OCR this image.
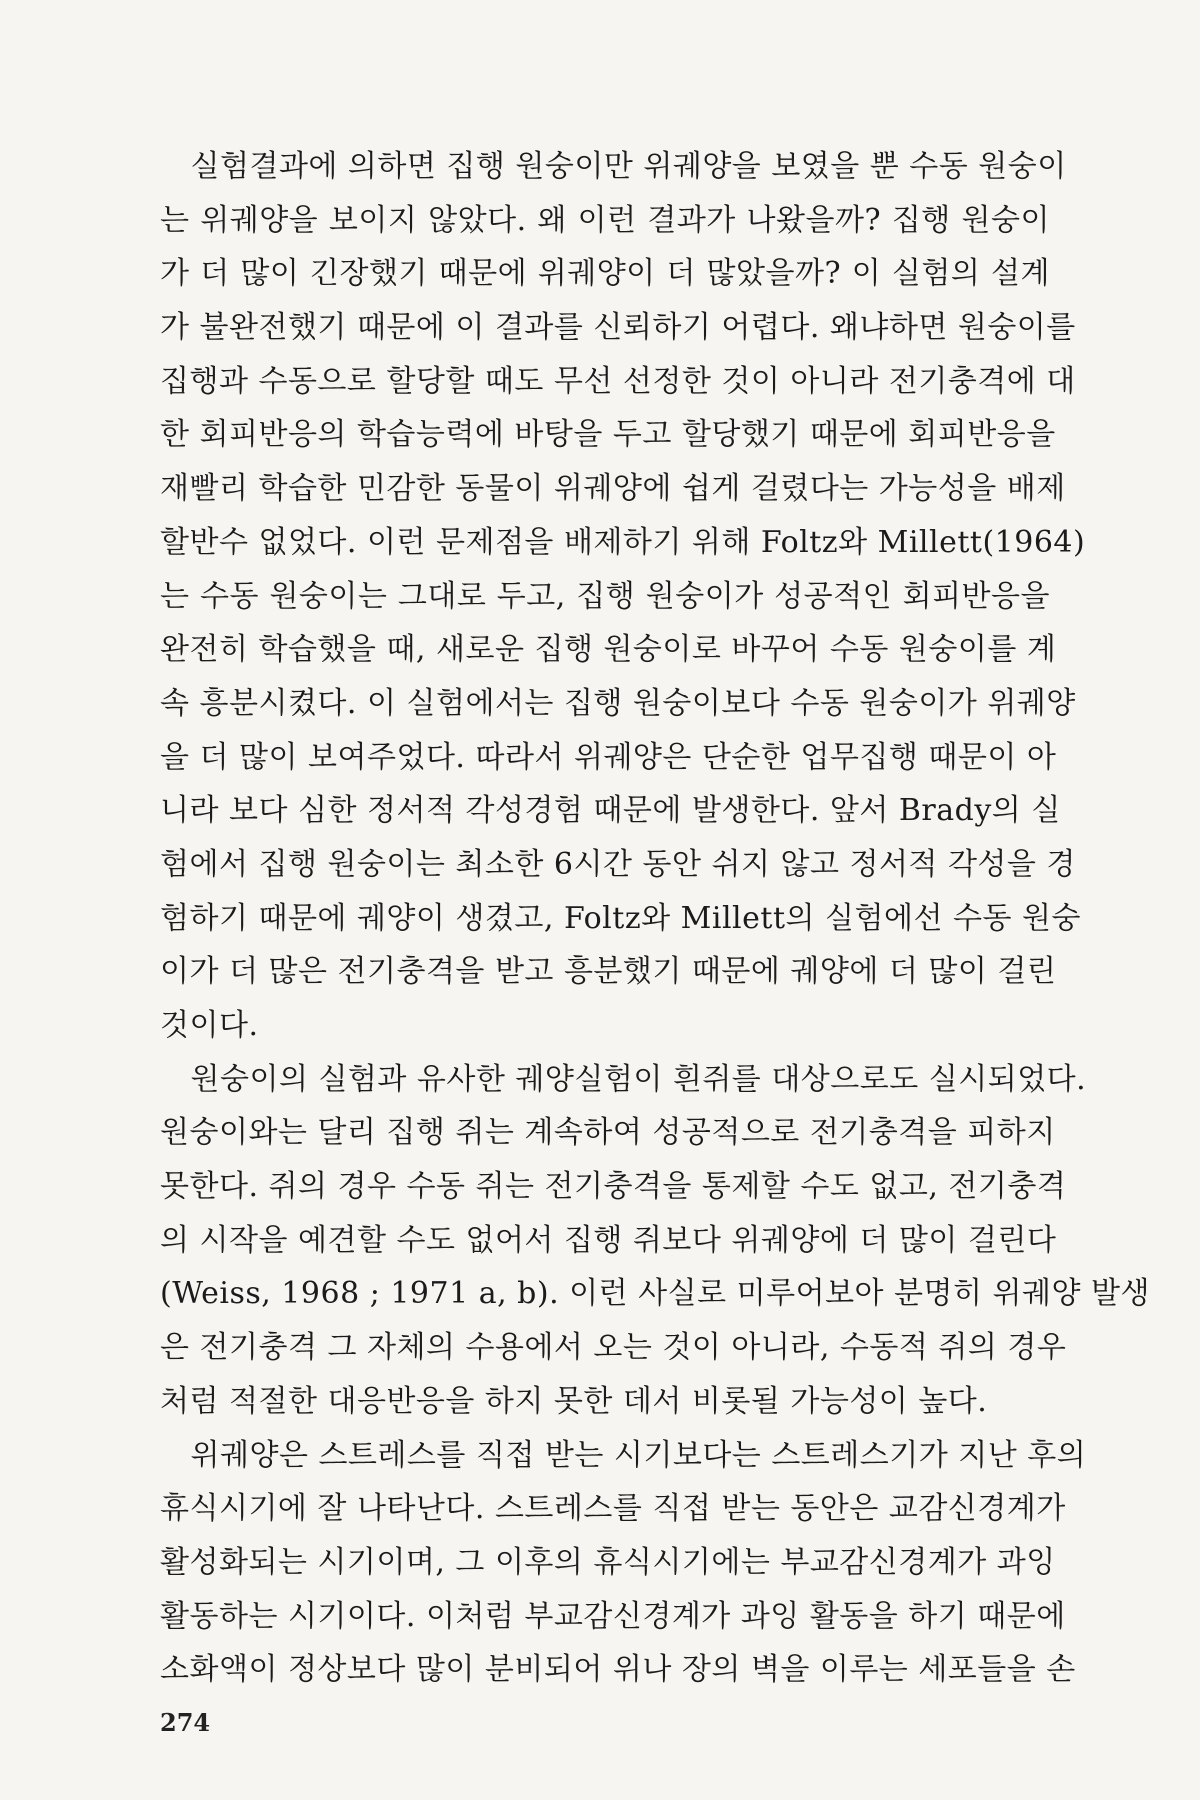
　실험결과에 의하면 집행 원숭이만 위궤양을 보였을 뿐 수동 원숭이
는 위궤양을 보이지 않았다. 왜 이런 결과가 나왔을까? 집행 원숭이
가 더 많이 긴장했기 때문에 위궤양이 더 많았을까? 이 실험의 설계
가 불완전했기 때문에 이 결과를 신뢰하기 어렵다. 왜냐하면 원숭이를
집행과 수동으로 할당할 때도 무선 선정한 것이 아니라 전기충격에 대
한 회피반응의 학습능력에 바탕을 두고 할당했기 때문에 회피반응을
재빨리 학습한 민감한 동물이 위궤양에 쉽게 걸렸다는 가능성을 배제
할반수 없었다. 이런 문제점을 배제하기 위해 Foltz와 Millett(1964)
는 수동 원숭이는 그대로 두고, 집행 원숭이가 성공적인 회피반응을
완전히 학습했을 때, 새로운 집행 원숭이로 바꾸어 수동 원숭이를 계
속 흥분시켰다. 이 실험에서는 집행 원숭이보다 수동 원숭이가 위궤양
을 더 많이 보여주었다. 따라서 위궤양은 단순한 업무집행 때문이 아
니라 보다 심한 정서적 각성경험 때문에 발생한다. 앞서 Brady의 실
험에서 집행 원숭이는 최소한 6시간 동안 쉬지 않고 정서적 각성을 경
험하기 때문에 궤양이 생겼고, Foltz와 Millett의 실험에선 수동 원숭
이가 더 많은 전기충격을 받고 흥분했기 때문에 궤양에 더 많이 걸린
것이다.
　원숭이의 실험과 유사한 궤양실험이 흰쥐를 대상으로도 실시되었다.
원숭이와는 달리 집행 쥐는 계속하여 성공적으로 전기충격을 피하지
못한다. 쥐의 경우 수동 쥐는 전기충격을 통제할 수도 없고, 전기충격
의 시작을 예견할 수도 없어서 집행 쥐보다 위궤양에 더 많이 걸린다
(Weiss, 1968 ; 1971 a, b). 이런 사실로 미루어보아 분명히 위궤양 발생
은 전기충격 그 자체의 수용에서 오는 것이 아니라, 수동적 쥐의 경우
처럼 적절한 대응반응을 하지 못한 데서 비롯될 가능성이 높다.
　위궤양은 스트레스를 직접 받는 시기보다는 스트레스기가 지난 후의
휴식시기에 잘 나타난다. 스트레스를 직접 받는 동안은 교감신경계가
활성화되는 시기이며, 그 이후의 휴식시기에는 부교감신경계가 과잉
활동하는 시기이다. 이처럼 부교감신경계가 과잉 활동을 하기 때문에
소화액이 정상보다 많이 분비되어 위나 장의 벽을 이루는 세포들을 손
274
